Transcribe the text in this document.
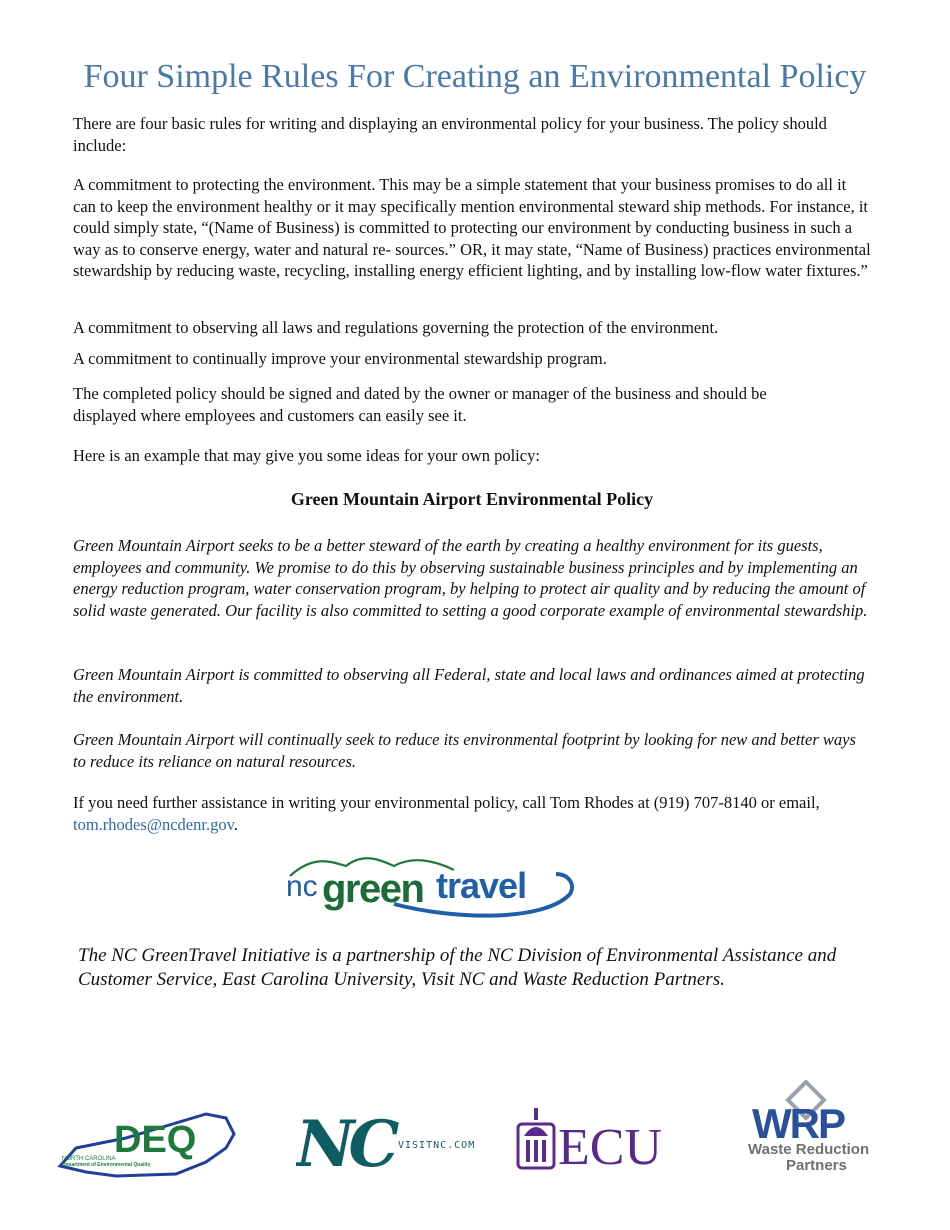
Four Simple Rules For Creating an Environmental Policy

There are four basic rules for writing and displaying an environmental policy for your business. The policy should include:

A commitment to protecting the environment. This may be a simple statement that your business promises to do all it can to keep the environment healthy or it may specifically mention environmental steward ship methods. For instance, it could simply state, “(Name of Business) is committed to protecting our environment by conducting business in such a way as to conserve energy, water and natural re- sources.” OR, it may state, “Name of Business) practices environmental stewardship by reducing waste, recycling, installing energy efficient lighting, and by installing low-flow water fixtures.”

A commitment to observing all laws and regulations governing the protection of the environment.

A commitment to continually improve your environmental stewardship program.

The completed policy should be signed and dated by the owner or manager of the business and should be displayed where employees and customers can easily see it.

Here is an example that may give you some ideas for your own policy:

Green Mountain Airport Environmental Policy

Green Mountain Airport seeks to be a better steward of the earth by creating a healthy environment for its guests, employees and community. We promise to do this by observing sustainable business principles and by implementing an energy reduction program, water conservation program, by helping to protect air quality and by reducing the amount of solid waste generated. Our facility is also committed to setting a good corporate example of environmental stewardship.

Green Mountain Airport is committed to observing all Federal, state and local laws and ordinances aimed at protecting the environment.

Green Mountain Airport will continually seek to reduce its environmental footprint by looking for new and better ways to reduce its reliance on natural resources.

If you need further assistance in writing your environmental policy, call Tom Rhodes at (919) 707-8140 or email, tom.rhodes@ncdenr.gov.

nc green travel

The NC GreenTravel Initiative is a partnership of the NC Division of Environmental Assistance and Customer Service, East Carolina University, Visit NC and Waste Reduction Partners.

DEQ
NORTH CAROLINA
Department of Environmental Quality NC VISITNC.COM ECU WRP
Waste Reduction
Partners
